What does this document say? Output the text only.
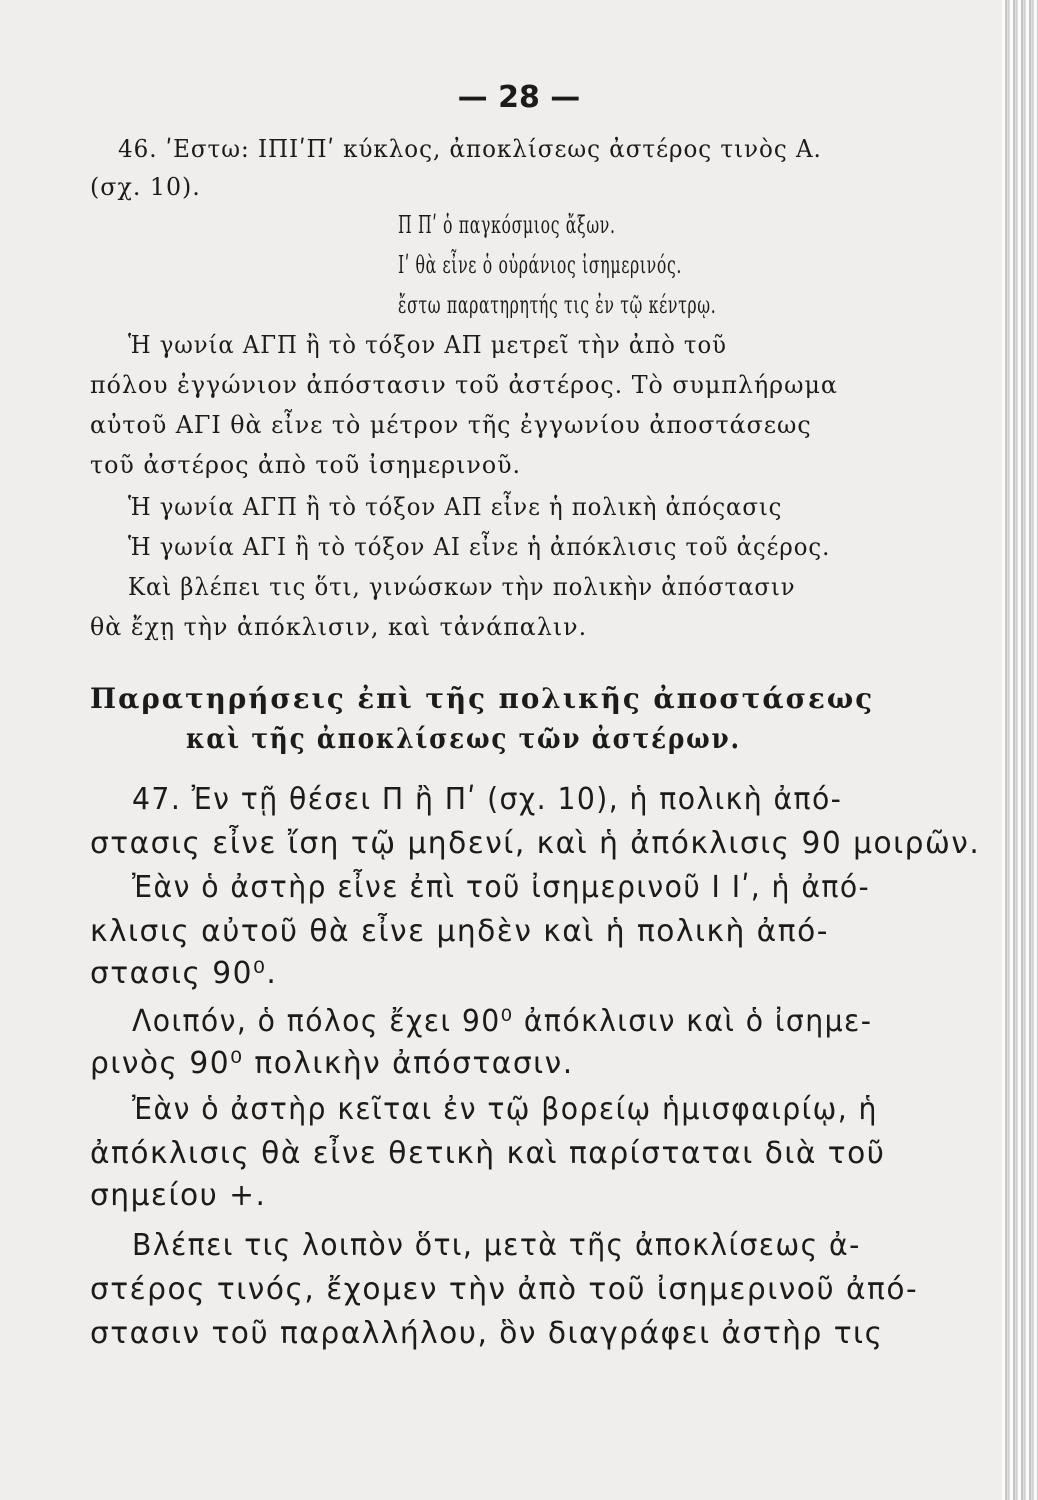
— 28 —
46. ʹΕστω: ΙΠΙʹΠʹ κύκλος, ἀποκλίσεως ἀστέρος τινὸς Α.
(σχ. 10).
Π Πʹ ὁ παγκόσμιος ἄξων.
Ιʹ θὰ εἶνε ὁ οὐράνιος ἰσημερινός.
ἔστω παρατηρητής τις ἐν τῷ κέντρῳ.
Ἡ γωνία ΑΓΠ ἢ τὸ τόξον ΑΠ μετρεῖ τὴν ἀπὸ τοῦ
πόλου ἐγγώνιον ἀπόστασιν τοῦ ἀστέρος. Τὸ συμπλήρωμα
αὐτοῦ ΑΓΙ θὰ εἶνε τὸ μέτρον τῆς ἐγγωνίου ἀποστάσεως
τοῦ ἀστέρος ἀπὸ τοῦ ἰσημερινοῦ.
Ἡ γωνία ΑΓΠ ἢ τὸ τόξον ΑΠ εἶνε ἡ πολικὴ ἀπόςασις
Ἡ γωνία ΑΓΙ ἢ τὸ τόξον ΑΙ εἶνε ἡ ἀπόκλισις τοῦ ἀςέρος.
Καὶ βλέπει τις ὅτι, γινώσκων τὴν πολικὴν ἀπόστασιν
θὰ ἔχῃ τὴν ἀπόκλισιν, καὶ τἀνάπαλιν.
Παρατηρήσεις ἐπὶ τῆς πολικῆς ἀποστάσεως
καὶ τῆς ἀποκλίσεως τῶν ἀστέρων.
47. Ἐν τῇ θέσει Π ἢ Πʹ (σχ. 10), ἡ πολικὴ ἀπό-
στασις εἶνε ἴση τῷ μηδενί, καὶ ἡ ἀπόκλισις 90 μοιρῶν.
Ἐὰν ὁ ἀστὴρ εἶνε ἐπὶ τοῦ ἰσημερινοῦ Ι Ιʹ, ἡ ἀπό-
κλισις αὐτοῦ θὰ εἶνε μηδὲν καὶ ἡ πολικὴ ἀπό-
στασις 90⁰.
Λοιπόν, ὁ πόλος ἔχει 90⁰ ἀπόκλισιν καὶ ὁ ἰσημε-
ρινὸς 90⁰ πολικὴν ἀπόστασιν.
Ἐὰν ὁ ἀστὴρ κεῖται ἐν τῷ βορείῳ ἡμισφαιρίῳ, ἡ
ἀπόκλισις θὰ εἶνε θετικὴ καὶ παρίσταται διὰ τοῦ
σημείου +.
Βλέπει τις λοιπὸν ὅτι, μετὰ τῆς ἀποκλίσεως ἀ-
στέρος τινός, ἔχομεν τὴν ἀπὸ τοῦ ἰσημερινοῦ ἀπό-
στασιν τοῦ παραλλήλου, ὃν διαγράφει ἀστὴρ τις
